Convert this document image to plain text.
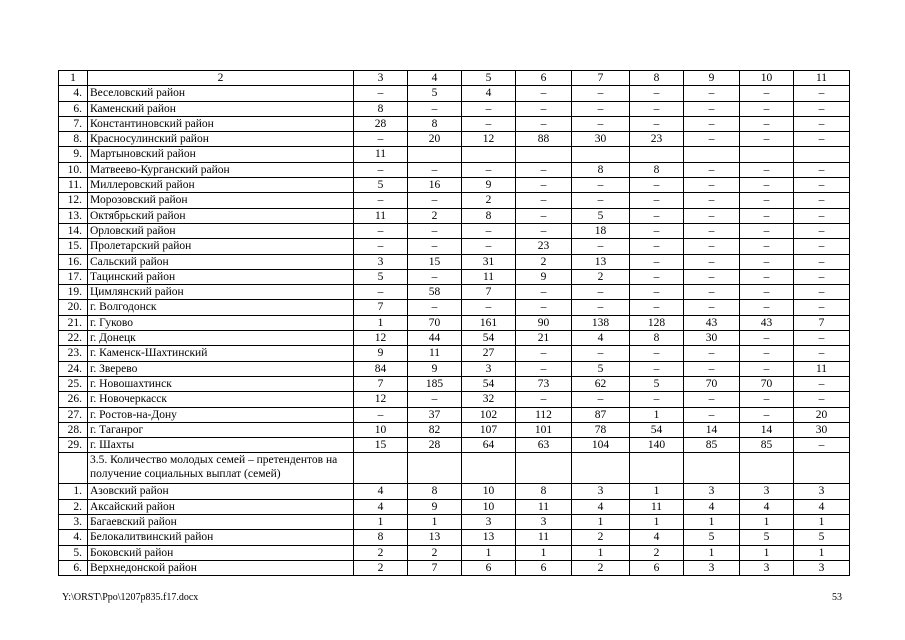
1	2	3	4	5	6	7	8	9	10	11
4.	Веселовский район	–	5	4	–	–	–	–	–	–
6.	Каменский район	8	–	–	–	–	–	–	–	–
7.	Константиновский район	28	8	–	–	–	–	–	–	–
8.	Красносулинский район	–	20	12	88	30	23	–	–	–
9.	Мартыновский район	11								
10.	Матвеево-Курганский район	–	–	–	–	8	8	–	–	–
11.	Миллеровский район	5	16	9	–	–	–	–	–	–
12.	Морозовский район	–	–	2	–	–	–	–	–	–
13.	Октябрьский район	11	2	8	–	5	–	–	–	–
14.	Орловский район	–	–	–	–	18	–	–	–	–
15.	Пролетарский район	–	–	–	23	–	–	–	–	–
16.	Сальский район	3	15	31	2	13	–	–	–	–
17.	Тацинский район	5	–	11	9	2	–	–	–	–
19.	Цимлянский район	–	58	7	–	–	–	–	–	–
20.	г. Волгодонск	7	–	–	–	–	–	–	–	–
21.	г. Гуково	1	70	161	90	138	128	43	43	7
22.	г. Донецк	12	44	54	21	4	8	30	–	–
23.	г. Каменск-Шахтинский	9	11	27	–	–	–	–	–	–
24.	г. Зверево	84	9	3	–	5	–	–	–	11
25.	г. Новошахтинск	7	185	54	73	62	5	70	70	–
26.	г. Новочеркасск	12	–	32	–	–	–	–	–	–
27.	г. Ростов-на-Дону	–	37	102	112	87	1	–	–	20
28.	г. Таганрог	10	82	107	101	78	54	14	14	30
29.	г. Шахты	15	28	64	63	104	140	85	85	–
	3.5. Количество молодых семей – претендентов на получение социальных выплат (семей)									
1.	Азовский район	4	8	10	8	3	1	3	3	3
2.	Аксайский район	4	9	10	11	4	11	4	4	4
3.	Багаевский район	1	1	3	3	1	1	1	1	1
4.	Белокалитвинский район	8	13	13	11	2	4	5	5	5
5.	Боковский район	2	2	1	1	1	2	1	1	1
6.	Верхнедонской район	2	7	6	6	2	6	3	3	3
Y:\ORST\Ppo\1207p835.f17.docx	53
